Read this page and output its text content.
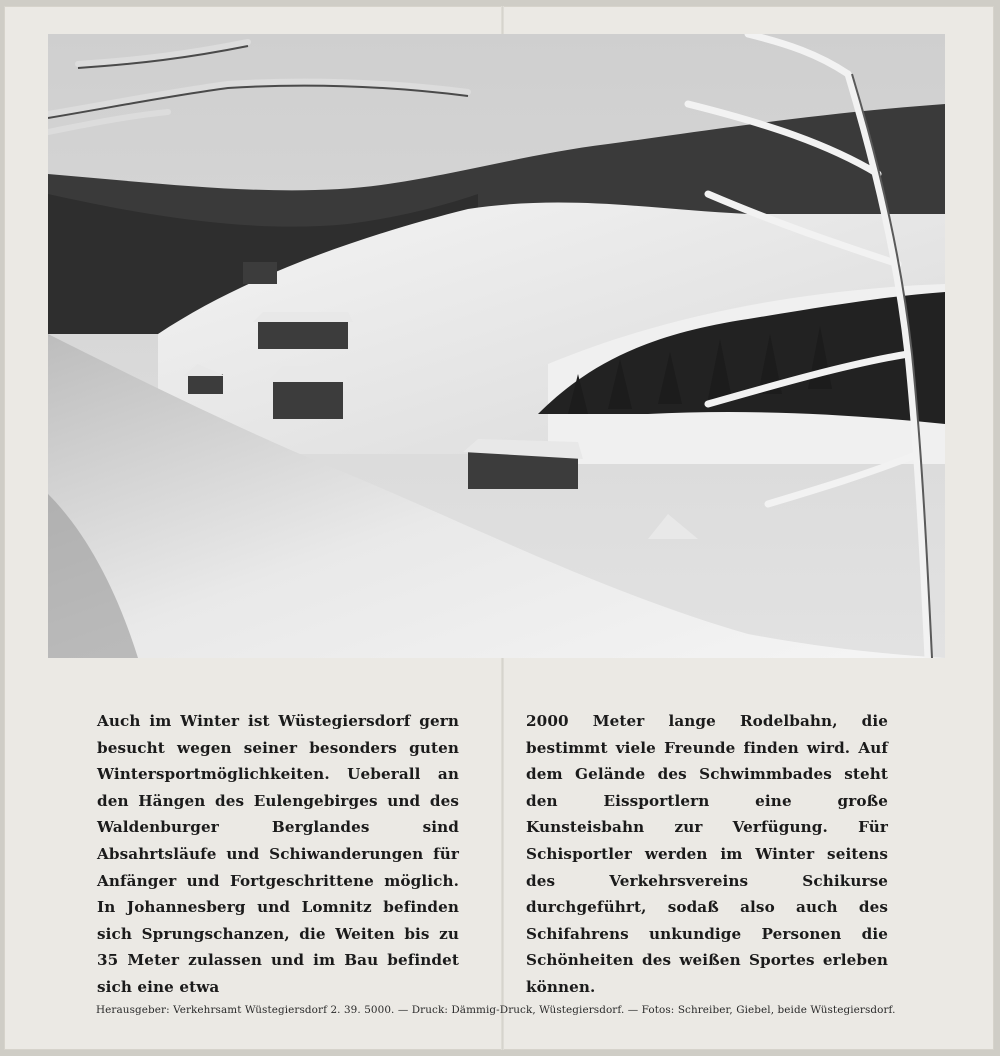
Auch im Winter ist Wüstegiersdorf gern besucht wegen seiner besonders guten Wintersportmöglichkeiten. Ueberall an den Hängen des Eulengebirges und des Waldenburger Berglandes sind Absahrtsläufe und Schiwanderungen für Anfänger und Fortgeschrittene möglich. In Johannesberg und Lomnitz befinden sich Sprungschanzen, die Weiten bis zu 35 Meter zulassen und im Bau befindet sich eine etwa
2000 Meter lange Rodelbahn, die bestimmt viele Freunde finden wird. Auf dem Gelände des Schwimmbades steht den Eissportlern eine große Kunsteisbahn zur Verfügung. Für Schisportler werden im Winter seitens des Verkehrsvereins Schikurse durchgeführt, sodaß also auch des Schifahrens unkundige Personen die Schönheiten des weißen Sportes erleben können.
Herausgeber: Verkehrsamt Wüstegiersdorf 2. 39. 5000. — Druck: Dämmig-Druck, Wüstegiersdorf. — Fotos: Schreiber, Giebel, beide Wüstegiersdorf.
